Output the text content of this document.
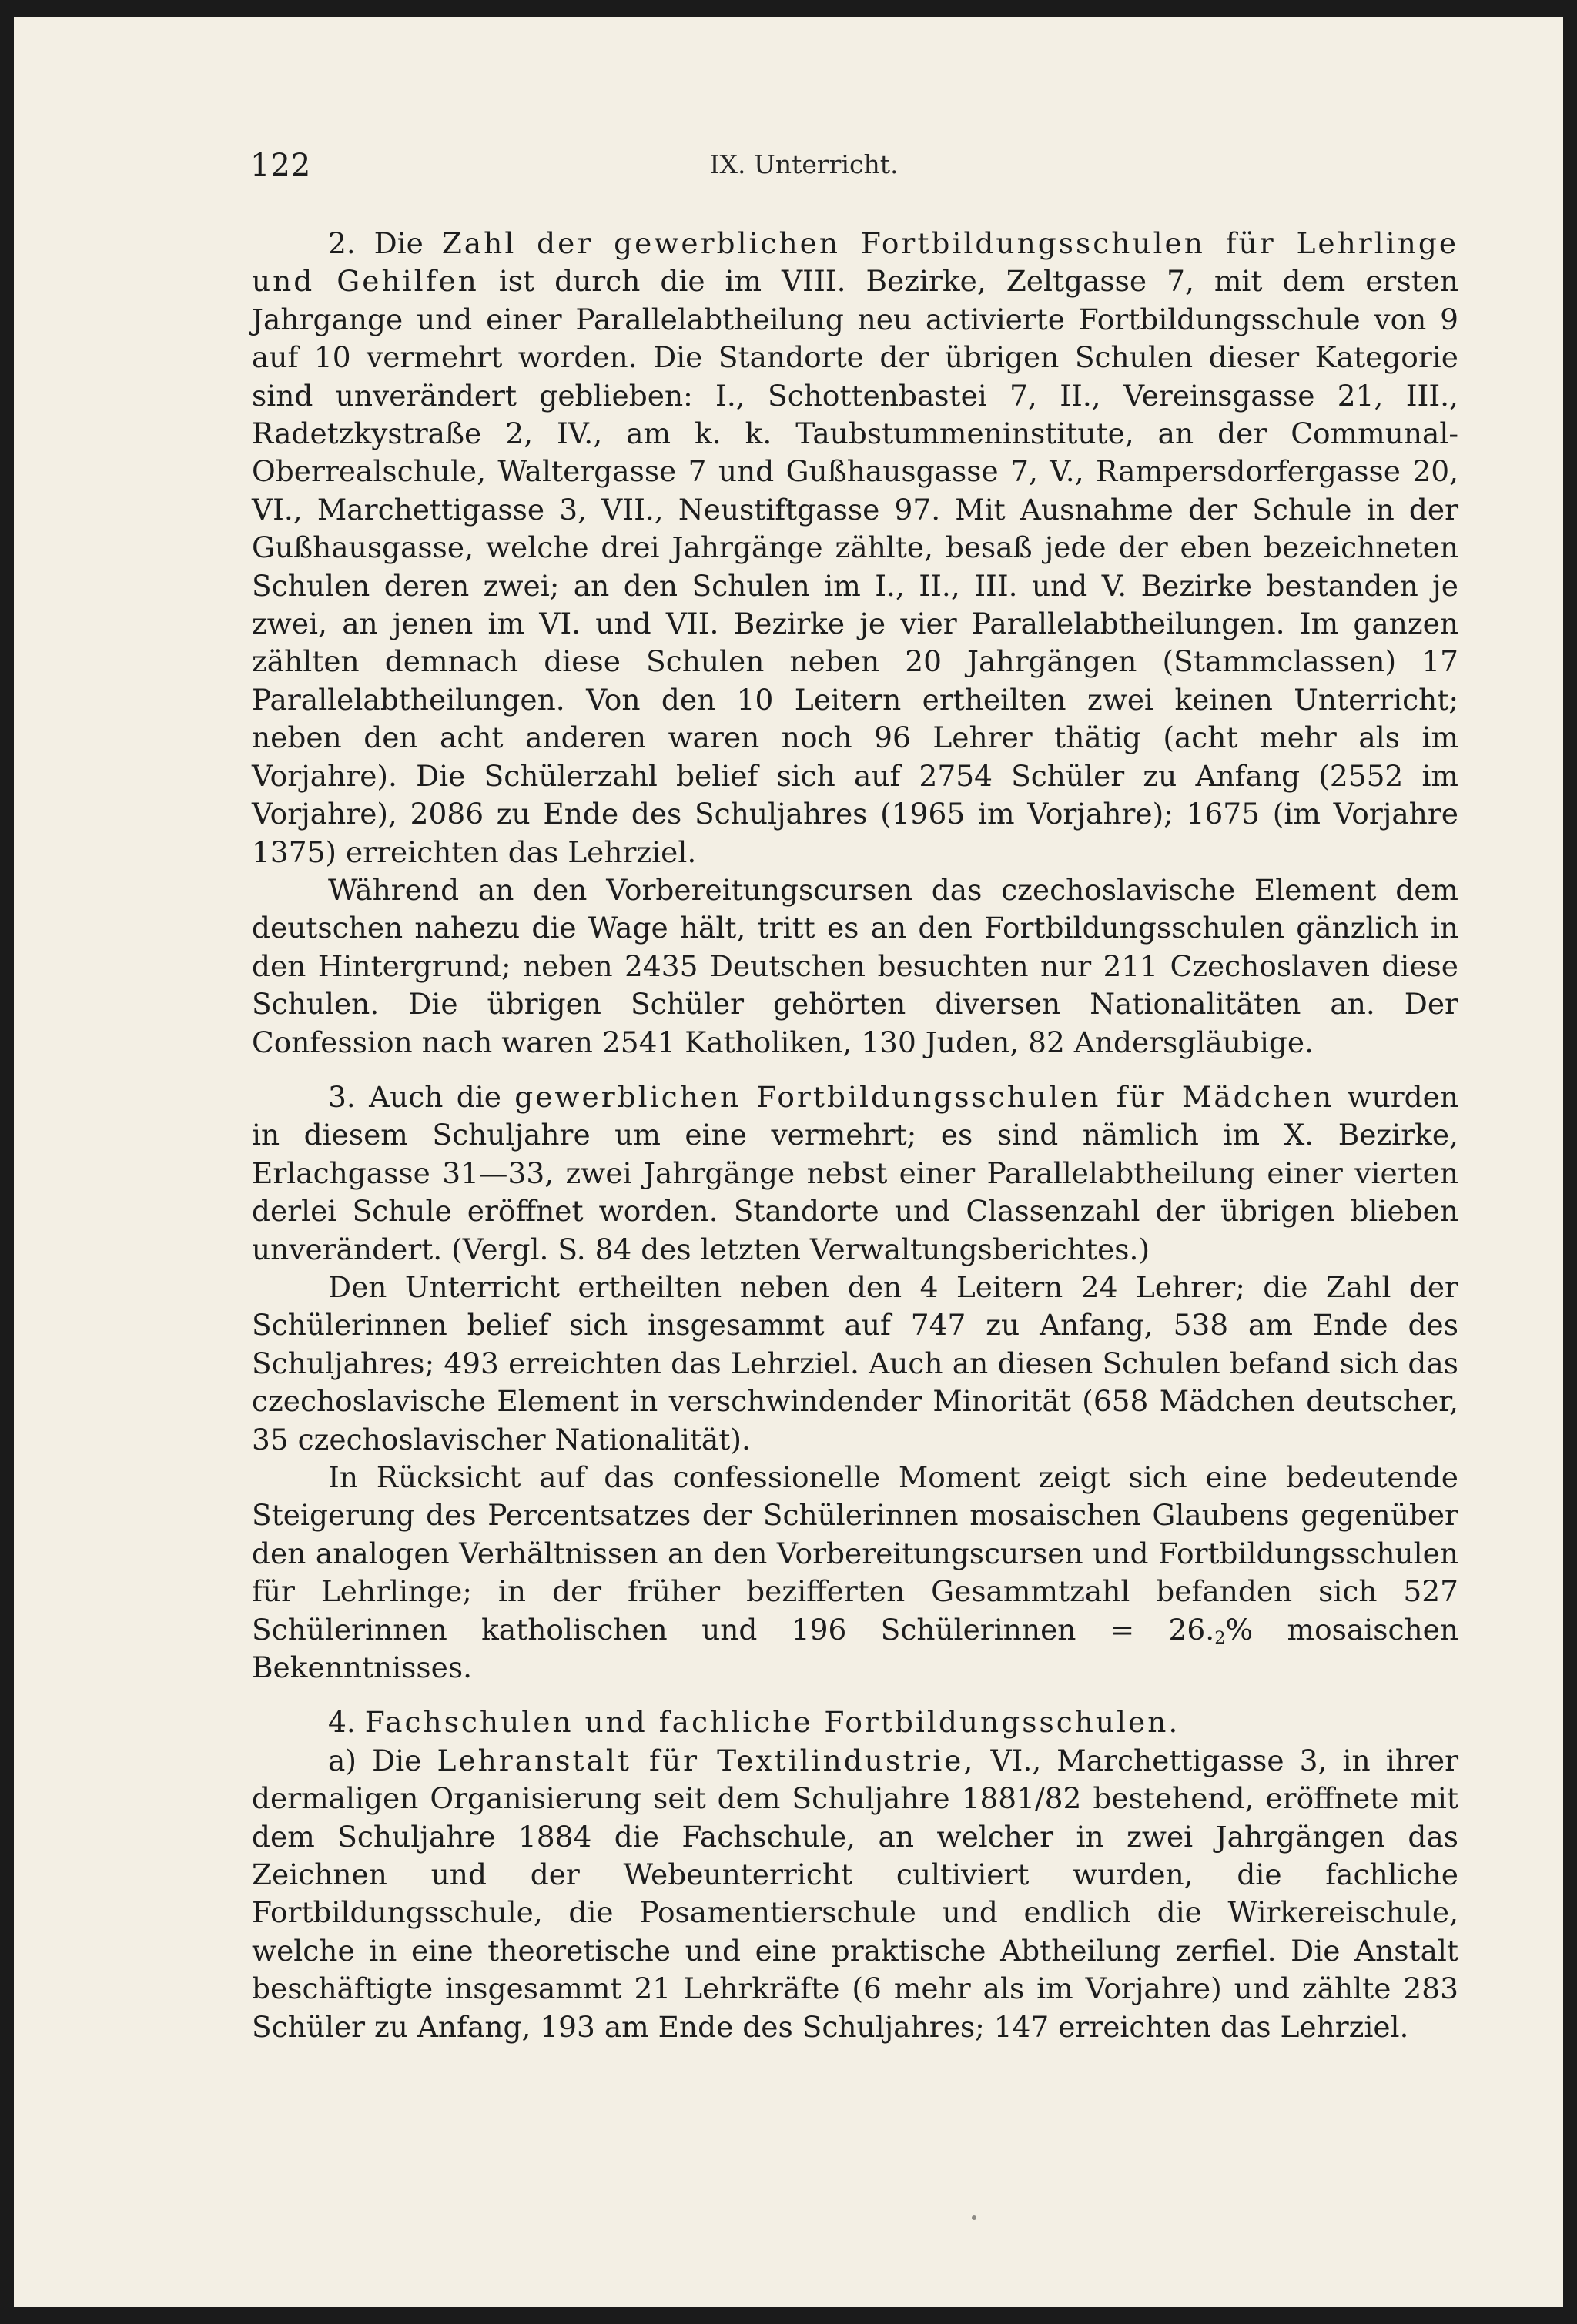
122	IX. Unterricht.

2. Die Zahl der gewerblichen Fortbildungsschulen für Lehrlinge und Gehilfen ist durch die im VIII. Bezirke, Zeltgasse 7, mit dem ersten Jahrgange und einer Parallelabtheilung neu activierte Fortbildungsschule von 9 auf 10 vermehrt worden. Die Standorte der übrigen Schulen dieser Kategorie sind unverändert geblieben: I., Schottenbastei 7, II., Vereinsgasse 21, III., Radetzkystraße 2, IV., am k. k. Taubstummeninstitute, an der Communal-Oberrealschule, Waltergasse 7 und Gußhausgasse 7, V., Rampersdorfergasse 20, VI., Marchettigasse 3, VII., Neustiftgasse 97. Mit Ausnahme der Schule in der Gußhausgasse, welche drei Jahrgänge zählte, besaß jede der eben bezeichneten Schulen deren zwei; an den Schulen im I., II., III. und V. Bezirke bestanden je zwei, an jenen im VI. und VII. Bezirke je vier Parallelabtheilungen. Im ganzen zählten demnach diese Schulen neben 20 Jahrgängen (Stammclassen) 17 Parallelabtheilungen. Von den 10 Leitern ertheilten zwei keinen Unterricht; neben den acht anderen waren noch 96 Lehrer thätig (acht mehr als im Vorjahre). Die Schülerzahl belief sich auf 2754 Schüler zu Anfang (2552 im Vorjahre), 2086 zu Ende des Schuljahres (1965 im Vorjahre); 1675 (im Vorjahre 1375) erreichten das Lehrziel.

Während an den Vorbereitungscursen das czechoslavische Element dem deutschen nahezu die Wage hält, tritt es an den Fortbildungsschulen gänzlich in den Hintergrund; neben 2435 Deutschen besuchten nur 211 Czechoslaven diese Schulen. Die übrigen Schüler gehörten diversen Nationalitäten an. Der Confession nach waren 2541 Katholiken, 130 Juden, 82 Andersgläubige.

3. Auch die gewerblichen Fortbildungsschulen für Mädchen wurden in diesem Schuljahre um eine vermehrt; es sind nämlich im X. Bezirke, Erlachgasse 31—33, zwei Jahrgänge nebst einer Parallelabtheilung einer vierten derlei Schule eröffnet worden. Standorte und Classenzahl der übrigen blieben unverändert. (Vergl. S. 84 des letzten Verwaltungsberichtes.)

Den Unterricht ertheilten neben den 4 Leitern 24 Lehrer; die Zahl der Schülerinnen belief sich insgesammt auf 747 zu Anfang, 538 am Ende des Schuljahres; 493 erreichten das Lehrziel. Auch an diesen Schulen befand sich das czechoslavische Element in verschwindender Minorität (658 Mädchen deutscher, 35 czechoslavischer Nationalität).

In Rücksicht auf das confessionelle Moment zeigt sich eine bedeutende Steigerung des Percentsatzes der Schülerinnen mosaischen Glaubens gegenüber den analogen Verhältnissen an den Vorbereitungscursen und Fortbildungsschulen für Lehrlinge; in der früher bezifferten Gesammtzahl befanden sich 527 Schülerinnen katholischen und 196 Schülerinnen = $26._2\%$ mosaischen Bekenntnisses.

4. Fachschulen und fachliche Fortbildungsschulen.

a) Die Lehranstalt für Textilindustrie, VI., Marchettigasse 3, in ihrer dermaligen Organisierung seit dem Schuljahre 1881/82 bestehend, eröffnete mit dem Schuljahre 1884 die Fachschule, an welcher in zwei Jahrgängen das Zeichnen und der Webeunterricht cultiviert wurden, die fachliche Fortbildungsschule, die Posamentierschule und endlich die Wirkereischule, welche in eine theoretische und eine praktische Abtheilung zerfiel. Die Anstalt beschäftigte insgesammt 21 Lehrkräfte (6 mehr als im Vorjahre) und zählte 283 Schüler zu Anfang, 193 am Ende des Schuljahres; 147 erreichten das Lehrziel.
